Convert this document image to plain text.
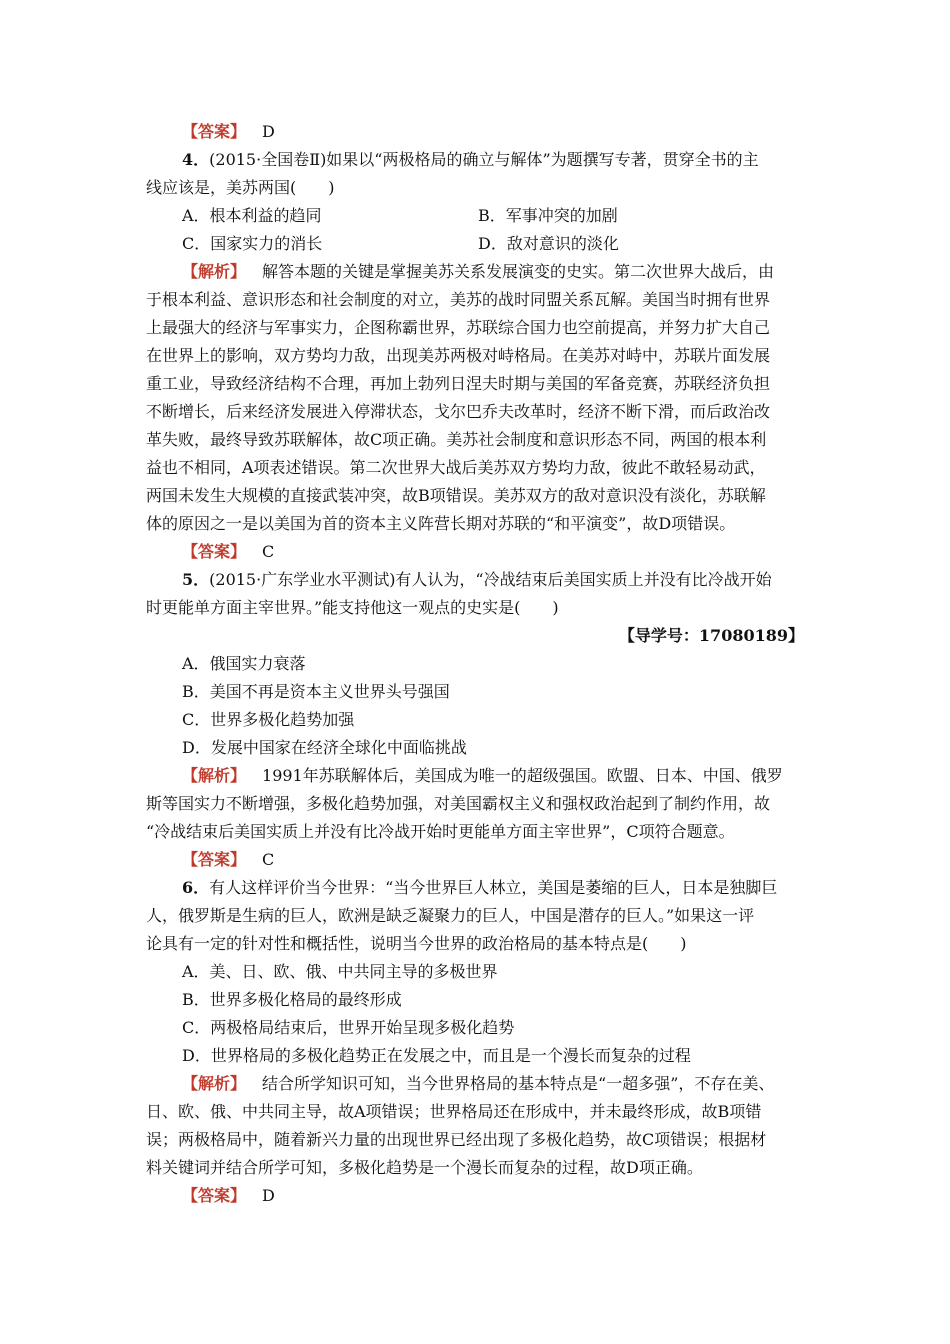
【答案】 D
4．(2015·全国卷Ⅱ)如果以“两极格局的确立与解体”为题撰写专著，贯穿全书的主
线应该是，美苏两国(　　)
A．根本利益的趋同	B．军事冲突的加剧
C．国家实力的消长	D．敌对意识的淡化
【解析】 解答本题的关键是掌握美苏关系发展演变的史实。第二次世界大战后，由
于根本利益、意识形态和社会制度的对立，美苏的战时同盟关系瓦解。美国当时拥有世界
上最强大的经济与军事实力，企图称霸世界，苏联综合国力也空前提高，并努力扩大自己
在世界上的影响，双方势均力敌，出现美苏两极对峙格局。在美苏对峙中，苏联片面发展
重工业，导致经济结构不合理，再加上勃列日涅夫时期与美国的军备竞赛，苏联经济负担
不断增长，后来经济发展进入停滞状态，戈尔巴乔夫改革时，经济不断下滑，而后政治改
革失败，最终导致苏联解体，故C项正确。美苏社会制度和意识形态不同，两国的根本利
益也不相同，A项表述错误。第二次世界大战后美苏双方势均力敌，彼此不敢轻易动武，
两国未发生大规模的直接武装冲突，故B项错误。美苏双方的敌对意识没有淡化，苏联解
体的原因之一是以美国为首的资本主义阵营长期对苏联的“和平演变”，故D项错误。
【答案】 C
5．(2015·广东学业水平测试)有人认为，“冷战结束后美国实质上并没有比冷战开始
时更能单方面主宰世界。”能支持他这一观点的史实是(　　)
【导学号：17080189】
A．俄国实力衰落
B．美国不再是资本主义世界头号强国
C．世界多极化趋势加强
D．发展中国家在经济全球化中面临挑战
【解析】 1991年苏联解体后，美国成为唯一的超级强国。欧盟、日本、中国、俄罗
斯等国实力不断增强，多极化趋势加强，对美国霸权主义和强权政治起到了制约作用，故
“冷战结束后美国实质上并没有比冷战开始时更能单方面主宰世界”，C项符合题意。
【答案】 C
6．有人这样评价当今世界：“当今世界巨人林立，美国是萎缩的巨人，日本是独脚巨
人，俄罗斯是生病的巨人，欧洲是缺乏凝聚力的巨人，中国是潜存的巨人。”如果这一评
论具有一定的针对性和概括性，说明当今世界的政治格局的基本特点是(　　)
A．美、日、欧、俄、中共同主导的多极世界
B．世界多极化格局的最终形成
C．两极格局结束后，世界开始呈现多极化趋势
D．世界格局的多极化趋势正在发展之中，而且是一个漫长而复杂的过程
【解析】 结合所学知识可知，当今世界格局的基本特点是“一超多强”，不存在美、
日、欧、俄、中共同主导，故A项错误；世界格局还在形成中，并未最终形成，故B项错
误；两极格局中，随着新兴力量的出现世界已经出现了多极化趋势，故C项错误；根据材
料关键词并结合所学可知，多极化趋势是一个漫长而复杂的过程，故D项正确。
【答案】 D
